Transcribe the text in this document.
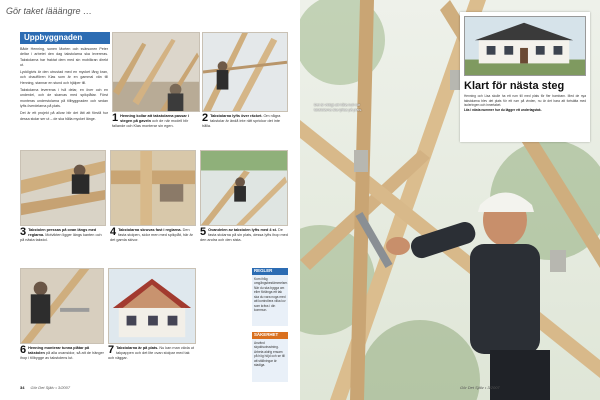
Gör taket lääängre …
Uppbyggnaden

Både Henning, sonen Morten och svärsonen Peter deltar i arbetet den dag takstolarna ska levereras. Takstolarna har fraktat dem med sin mobilkran direkt ut.

Lyckligtvis är den utrustad med en mycket lång kran, och chauffören Klas som är en gammal vän till Henning, stannar en stund och hjälper till.

Takstolarna levereras i två delar, en över och en underdel, och de skarvas med spikplåtar. Först monteras understolarna på tillbyggnaden och sedan lyfts överdelarna på plats.

Det är ett projekt på allvar blir det lätt att förstå hur dessa stolar ser ut – de ska hålla mycket länge.	1 Henning kollar att takstolarna passar i stegen på gaveln och de när modell blir fallande och Klas monterar sin egen.
2 Takstolarna lyfts över räcket. Om några takstolar är ändå inte rätt sprickor det inte hålla.
3 Takstolen pressas på ovan längs med reglarna. Motvikten ligger längs kanten och på nästa takstol.
4 Takstolarna skruvas fast i reglarna. Den fasta stolpen, sidor men med spikplåt, här är det gamla skivor.
5 Ovandelen av takstolen lyfts med 4 st. De fasta stolarna på sin plats, dessa lyfts ihop med den andra och den sista.
6 Henning monterar tunna plåtar på takstolen på alla ovansidor, så att de hänger ihop i tillbygge av takstolens lut.
7 Takstolarna är på plats. Nu kan man växla ut takpappen och det lite ovan stolpar med tak och väggar.
REGLER
Kom ihåg omgångsbestämmelser. När du ska bygga om eller förlänga ett tak ska du vara noga med att kontrollera vilka lov som krävs i din kommun.
SÄKERHET
Använd skyddsutrustning. Arbeta aldrig ensam på hög höjd och se till att ställningar är stadiga.
34 Gör Det Själv • 3/2007
Det är viktigt att hålla koll när takstolarna ska lyftas på plats.
Klart för nästa steg
Henning och Lisa skulle ha ett rum till med plats för fler barnbarn. Med de nya takstolarna blev det plats för ett rum på vinden, nu är det bara att fortsätta med isoleringen och innertaket.
Läs i nästa nummer hur du lägger ett underlagstak.
Gör Det Själv • 3/2007
